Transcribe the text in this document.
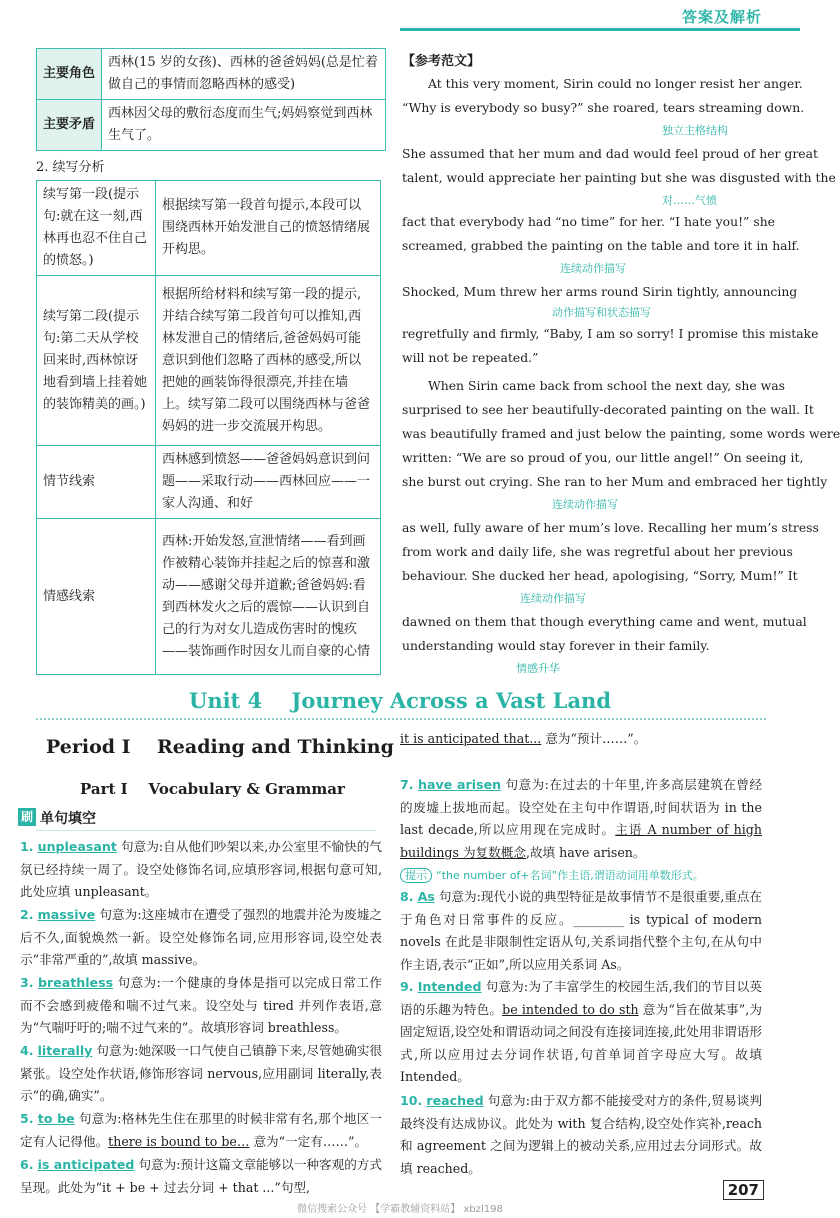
答案及解析
主要角色	西林(15 岁的女孩)、西林的爸爸妈妈(总是忙着做自己的事情而忽略西林的感受)
主要矛盾	西林因父母的敷衍态度而生气;妈妈察觉到西林生气了。
2. 续写分析
续写第一段(提示句:就在这一刻,西林再也忍不住自己的愤怒。)	根据续写第一段首句提示,本段可以围绕西林开始发泄自己的愤怒情绪展开构思。
续写第二段(提示句:第二天从学校回来时,西林惊讶地看到墙上挂着她的装饰精美的画。)	根据所给材料和续写第一段的提示,并结合续写第二段首句可以推知,西林发泄自己的情绪后,爸爸妈妈可能意识到他们忽略了西林的感受,所以把她的画装饰得很漂亮,并挂在墙上。续写第二段可以围绕西林与爸爸妈妈的进一步交流展开构思。
情节线索	西林感到愤怒——爸爸妈妈意识到问题——采取行动——西林回应——一家人沟通、和好
情感线索	西林:开始发怒,宣泄情绪——看到画作被精心装饰并挂起之后的惊喜和激动——感谢父母并道歉;爸爸妈妈:看到西林发火之后的震惊——认识到自己的行为对女儿造成伤害时的愧疚——装饰画作时因女儿而自豪的心情
【参考范文】
At this very moment, Sirin could no longer resist her anger.
“Why is everybody so busy?” she roared, tears streaming down.
独立主格结构
She assumed that her mum and dad would feel proud of her great
talent, would appreciate her painting but she was disgusted with the
对……气愤
fact that everybody had “no time” for her. “I hate you!” she
screamed, grabbed the painting on the table and tore it in half.
连续动作描写
Shocked, Mum threw her arms round Sirin tightly, announcing
动作描写和状态描写
regretfully and firmly, “Baby, I am so sorry! I promise this mistake
will not be repeated.”
When Sirin came back from school the next day, she was
surprised to see her beautifully-decorated painting on the wall. It
was beautifully framed and just below the painting, some words were
written: “We are so proud of you, our little angel!” On seeing it,
she burst out crying. She ran to her Mum and embraced her tightly
连续动作描写
as well, fully aware of her mum’s love. Recalling her mum’s stress
from work and daily life, she was regretful about her previous
behaviour. She ducked her head, apologising, “Sorry, Mum!” It
连续动作描写
dawned on them that though everything came and went, mutual
understanding would stay forever in their family.
情感升华
Unit 4    Journey Across a Vast Land
Period Ⅰ    Reading and Thinking
Part Ⅰ    Vocabulary & Grammar
刷 单句填空
1. unpleasant 句意为:自从他们吵架以来,办公室里不愉快的气氛已经持续一周了。设空处修饰名词,应填形容词,根据句意可知,此处应填 unpleasant。
2. massive 句意为:这座城市在遭受了强烈的地震并沦为废墟之后不久,面貌焕然一新。设空处修饰名词,应用形容词,设空处表示“非常严重的”,故填 massive。
3. breathless 句意为:一个健康的身体是指可以完成日常工作而不会感到疲倦和喘不过气来。设空处与 tired 并列作表语,意为“气喘吁吁的;喘不过气来的”。故填形容词 breathless。
4. literally 句意为:她深吸一口气使自己镇静下来,尽管她确实很紧张。设空处作状语,修饰形容词 nervous,应用副词 literally,表示“的确,确实”。
5. to be 句意为:格林先生住在那里的时候非常有名,那个地区一定有人记得他。there is bound to be… 意为“一定有……”。
6. is anticipated 句意为:预计这篇文章能够以一种客观的方式呈现。此处为“it + be + 过去分词 + that ...”句型,
it is anticipated that... 意为“预计……”。
7. have arisen 句意为:在过去的十年里,许多高层建筑在曾经的废墟上拔地而起。设空处在主句中作谓语,时间状语为 in the last decade,所以应用现在完成时。主语 A number of high buildings 为复数概念,故填 have arisen。
提示 “the number of+名词”作主语,谓语动词用单数形式。
8. As 句意为:现代小说的典型特征是故事情节不是很重要,重点在于角色对日常事件的反应。________ is typical of modern novels 在此是非限制性定语从句,关系词指代整个主句,在从句中作主语,表示“正如”,所以应用关系词 As。
9. Intended 句意为:为了丰富学生的校园生活,我们的节目以英语的乐趣为特色。be intended to do sth 意为“旨在做某事”,为固定短语,设空处和谓语动词之间没有连接词连接,此处用非谓语形式,所以应用过去分词作状语,句首单词首字母应大写。故填 Intended。
10. reached 句意为:由于双方都不能接受对方的条件,贸易谈判最终没有达成协议。此处为 with 复合结构,设空处作宾补,reach 和 agreement 之间为逻辑上的被动关系,应用过去分词形式。故填 reached。
207
微信搜索公众号 【学霸教辅资料站】 xbzl198
